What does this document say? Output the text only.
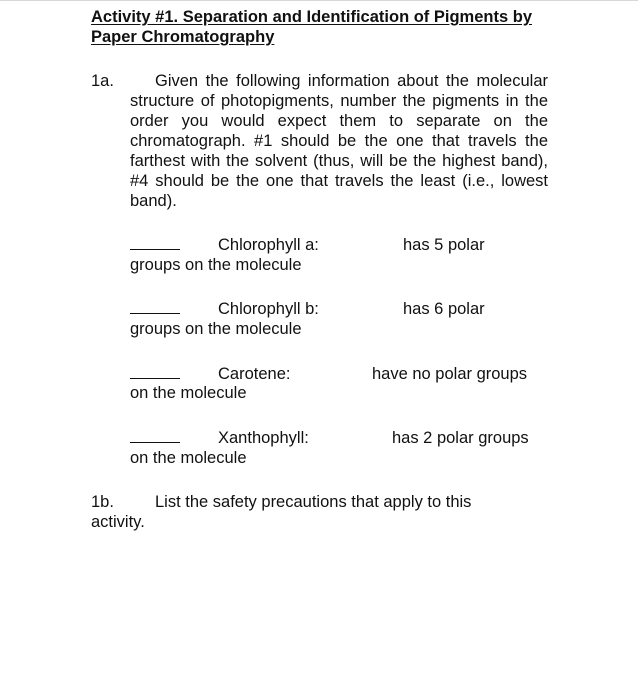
Activity #1. Separation and Identification of Pigments by Paper Chromatography
1a.	Given the following information about the molecular structure of photopigments, number the pigments in the order you would expect them to separate on the chromatograph. #1 should be the one that travels the farthest with the solvent (thus, will be the highest band), #4 should be the one that travels the least (i.e., lowest band).

Chlorophyll a:	has 5 polar
groups on the molecule
Chlorophyll b:	has 6 polar
groups on the molecule
Carotene:	have no polar groups
on the molecule
Xanthophyll:	has 2 polar groups
on the molecule
1b. List the safety precautions that apply to this
activity.
